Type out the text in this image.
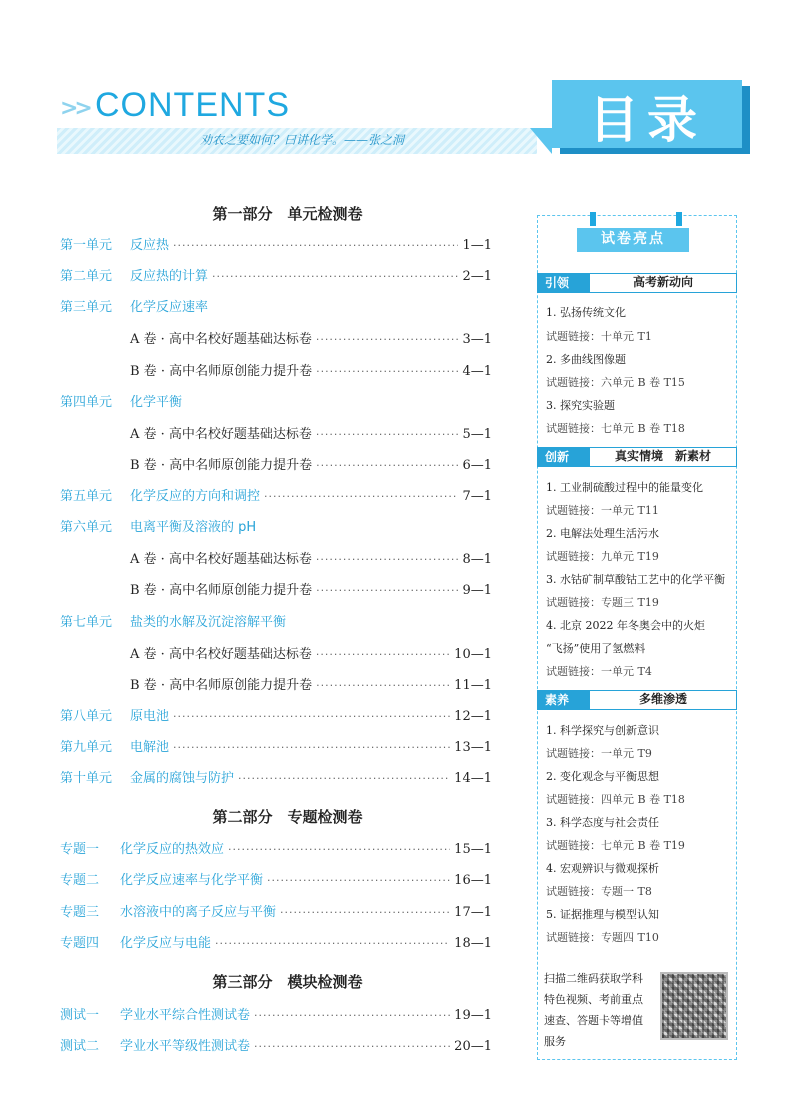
>> CONTENTS
劝农之要如何？曰讲化学。——张之洞	目录
第一部分　单元检测卷
第二部分　专题检测卷
第三部分　模块检测卷
第一单元	反应热 ·····	1—1
第二单元	反应热的计算 ·····	2—1
第三单元	化学反应速率
A 卷 · 高中名校好题基础达标卷 ·····	3—1
B 卷 · 高中名师原创能力提升卷 ·····	4—1
第四单元	化学平衡
A 卷 · 高中名校好题基础达标卷 ·····	5—1
B 卷 · 高中名师原创能力提升卷 ·····	6—1
第五单元	化学反应的方向和调控 ·····	7—1
第六单元	电离平衡及溶液的 pH
A 卷 · 高中名校好题基础达标卷 ·····	8—1
B 卷 · 高中名师原创能力提升卷 ·····	9—1
第七单元	盐类的水解及沉淀溶解平衡
A 卷 · 高中名校好题基础达标卷 ·····	10—1
B 卷 · 高中名师原创能力提升卷 ·····	11—1
第八单元	原电池 ·····	12—1
第九单元	电解池 ·····	13—1
第十单元	金属的腐蚀与防护 ·····	14—1
专题一	化学反应的热效应 ·····	15—1
专题二	化学反应速率与化学平衡 ·····	16—1
专题三	水溶液中的离子反应与平衡 ·····	17—1
专题四	化学反应与电能 ·····	18—1
测试一	学业水平综合性测试卷 ·····	19—1
测试二	学业水平等级性测试卷 ·····	20—1
试卷亮点
引领	高考新动向
1. 弘扬传统文化
试题链接：十单元 T1
2. 多曲线图像题
试题链接：六单元 B 卷 T15
3. 探究实验题
试题链接：七单元 B 卷 T18
创新	真实情境　新素材
1. 工业制硫酸过程中的能量变化
试题链接：一单元 T11
2. 电解法处理生活污水
试题链接：九单元 T19
3. 水钴矿制草酸钴工艺中的化学平衡
试题链接：专题三 T19
4. 北京 2022 年冬奥会中的火炬
“飞扬”使用了氢燃料
试题链接：一单元 T4
素养	多维渗透
1. 科学探究与创新意识
试题链接：一单元 T9
2. 变化观念与平衡思想
试题链接：四单元 B 卷 T18
3. 科学态度与社会责任
试题链接：七单元 B 卷 T19
4. 宏观辨识与微观探析
试题链接：专题一 T8
5. 证据推理与模型认知
试题链接：专题四 T10
扫描二维码获取学科
特色视频、考前重点
速查、答题卡等增值
服务
